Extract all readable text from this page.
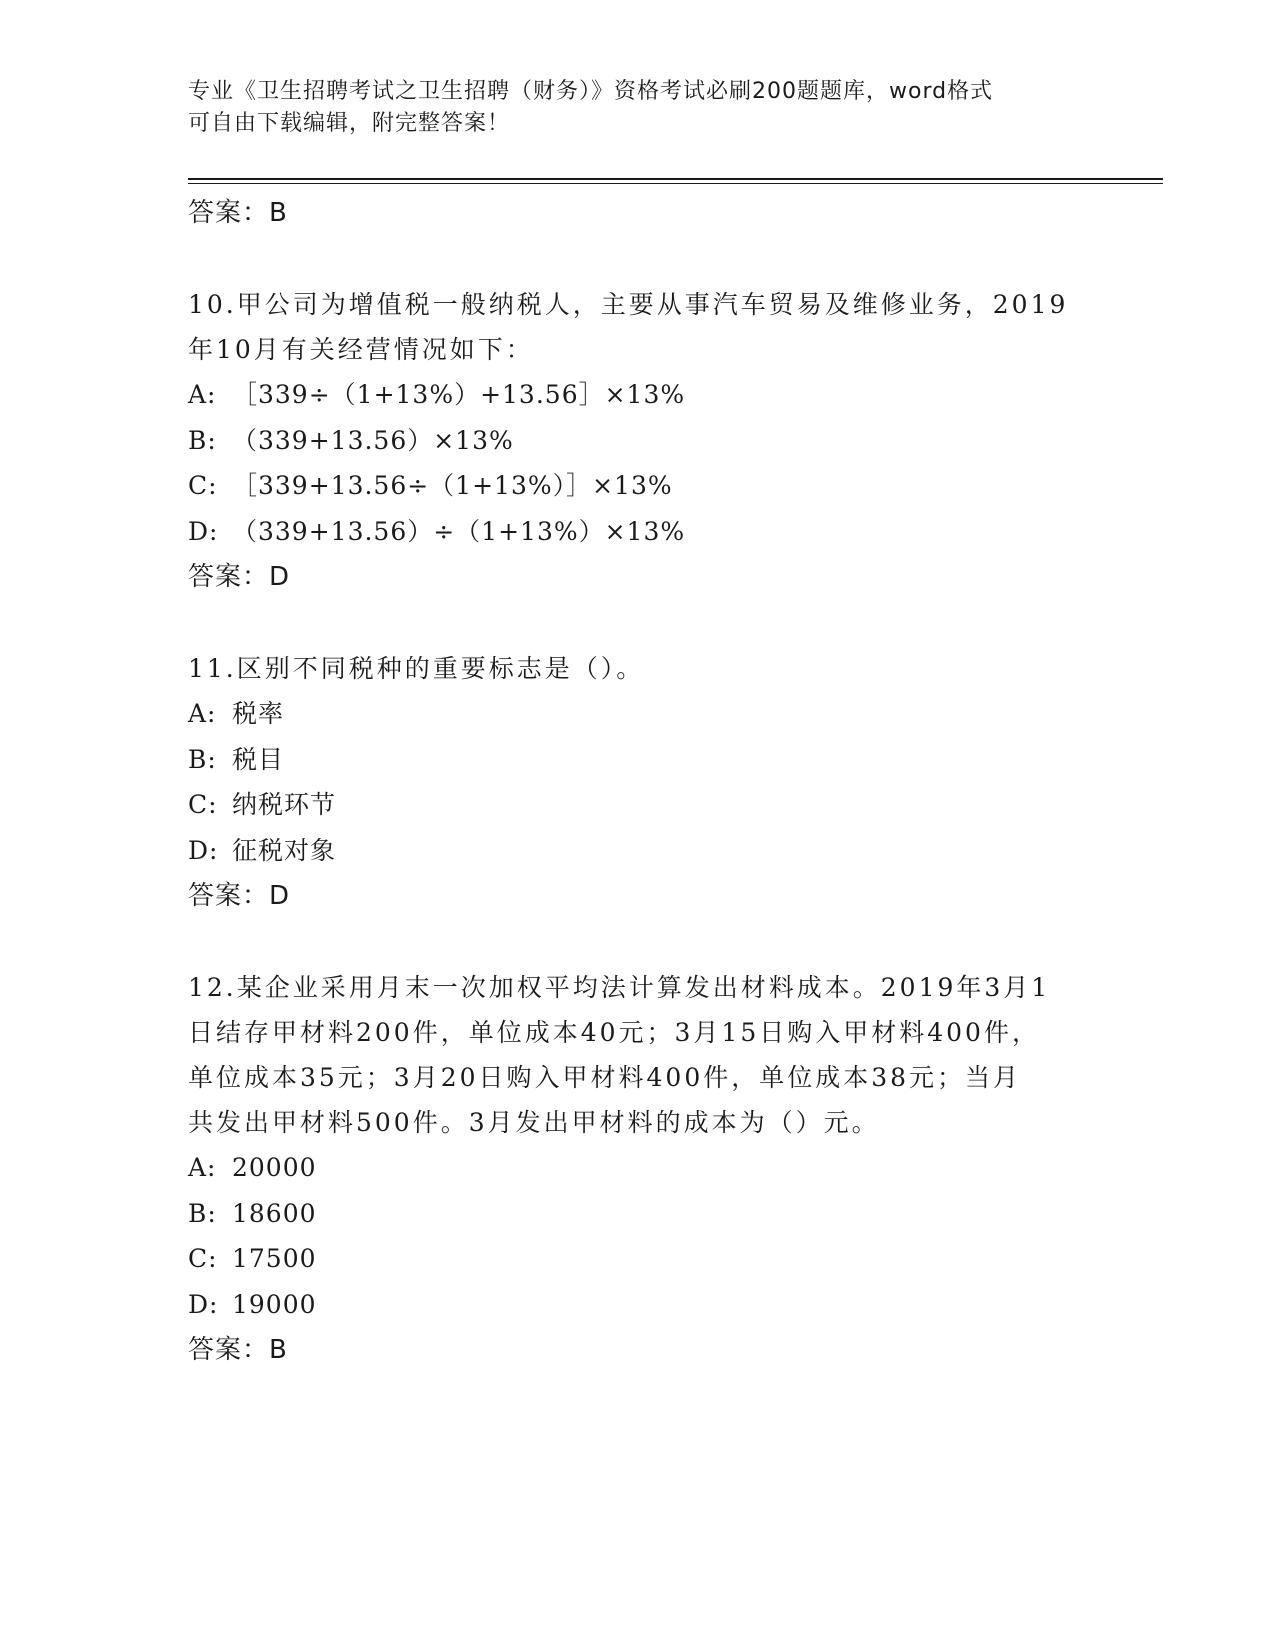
专业《卫生招聘考试之卫生招聘（财务）》资格考试必刷200题题库，word格式
可自由下载编辑，附完整答案！
答案：B
10.甲公司为增值税一般纳税人，主要从事汽车贸易及维修业务，2019
年10月有关经营情况如下：
A: ［339÷（1+13%）+13.56］×13%
B: （339+13.56）×13%
C: ［339+13.56÷（1+13%）］×13%
D: （339+13.56）÷（1+13%）×13%
答案：D
11.区别不同税种的重要标志是（）。
A: 税率
B: 税目
C: 纳税环节
D: 征税对象
答案：D
12.某企业采用月末一次加权平均法计算发出材料成本。2019年3月1
日结存甲材料200件，单位成本40元；3月15日购入甲材料400件，
单位成本35元；3月20日购入甲材料400件，单位成本38元；当月
共发出甲材料500件。3月发出甲材料的成本为（）元。
A: 20000
B: 18600
C: 17500
D: 19000
答案：B
